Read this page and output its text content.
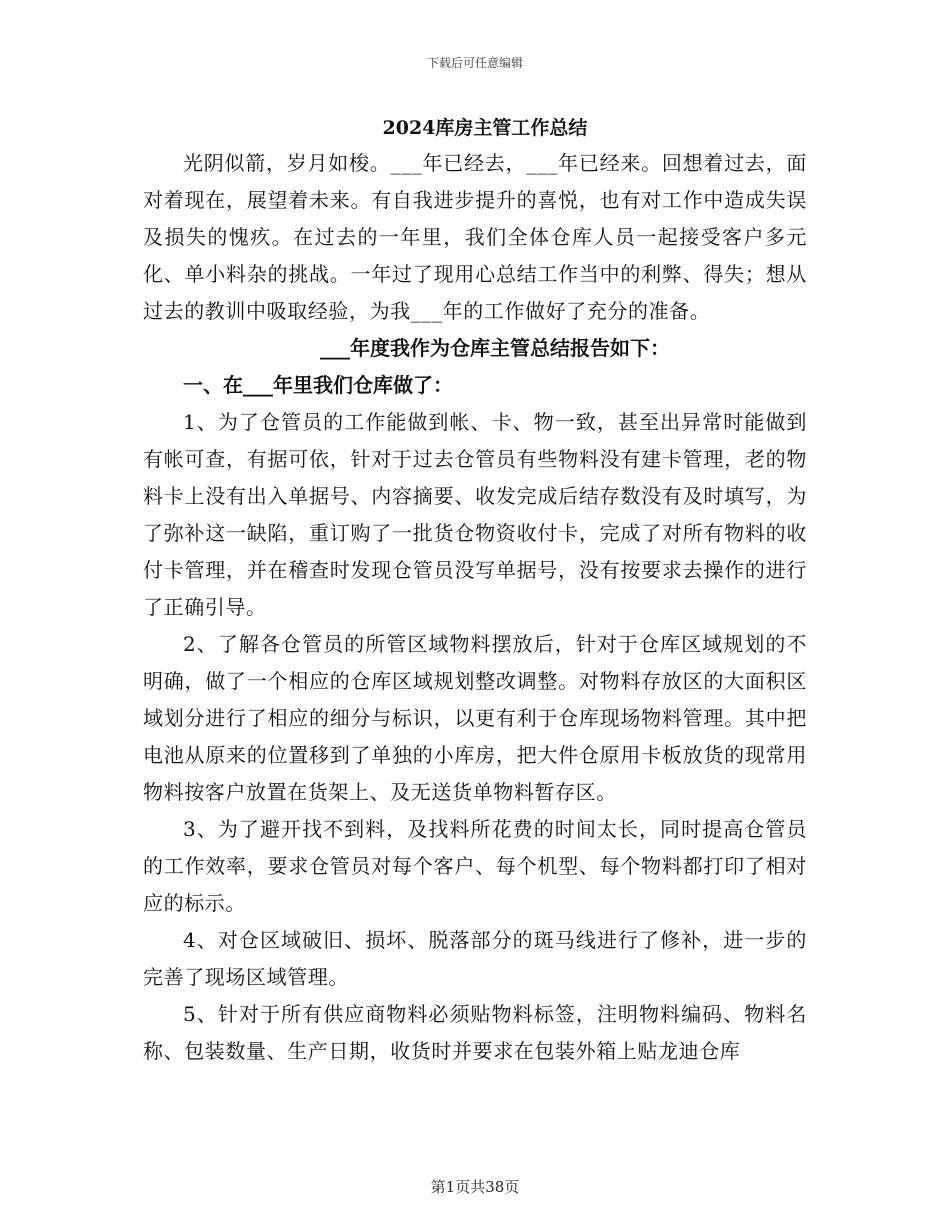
下载后可任意编辑
2024库房主管工作总结

光阴似箭，岁月如梭。___年已经去，___年已经来。回想着过去，面对着现在，展望着未来。有自我进步提升的喜悦，也有对工作中造成失误及损失的愧疚。在过去的一年里，我们全体仓库人员一起接受客户多元化、单小料杂的挑战。一年过了现用心总结工作当中的利弊、得失；想从过去的教训中吸取经验，为我___年的工作做好了充分的准备。

___年度我作为仓库主管总结报告如下：

一、在___年里我们仓库做了：

1、为了仓管员的工作能做到帐、卡、物一致，甚至出异常时能做到有帐可查，有据可依，针对于过去仓管员有些物料没有建卡管理，老的物料卡上没有出入单据号、内容摘要、收发完成后结存数没有及时填写，为了弥补这一缺陷，重订购了一批货仓物资收付卡，完成了对所有物料的收付卡管理，并在稽查时发现仓管员没写单据号，没有按要求去操作的进行了正确引导。

2、了解各仓管员的所管区域物料摆放后，针对于仓库区域规划的不明确，做了一个相应的仓库区域规划整改调整。对物料存放区的大面积区域划分进行了相应的细分与标识，以更有利于仓库现场物料管理。其中把电池从原来的位置移到了单独的小库房，把大件仓原用卡板放货的现常用物料按客户放置在货架上、及无送货单物料暂存区。

3、为了避开找不到料，及找料所花费的时间太长，同时提高仓管员的工作效率，要求仓管员对每个客户、每个机型、每个物料都打印了相对应的标示。

4、对仓区域破旧、损坏、脱落部分的斑马线进行了修补，进一步的完善了现场区域管理。

5、针对于所有供应商物料必须贴物料标签，注明物料编码、物料名称、包装数量、生产日期，收货时并要求在包装外箱上贴龙迪仓库

第1页共38页
